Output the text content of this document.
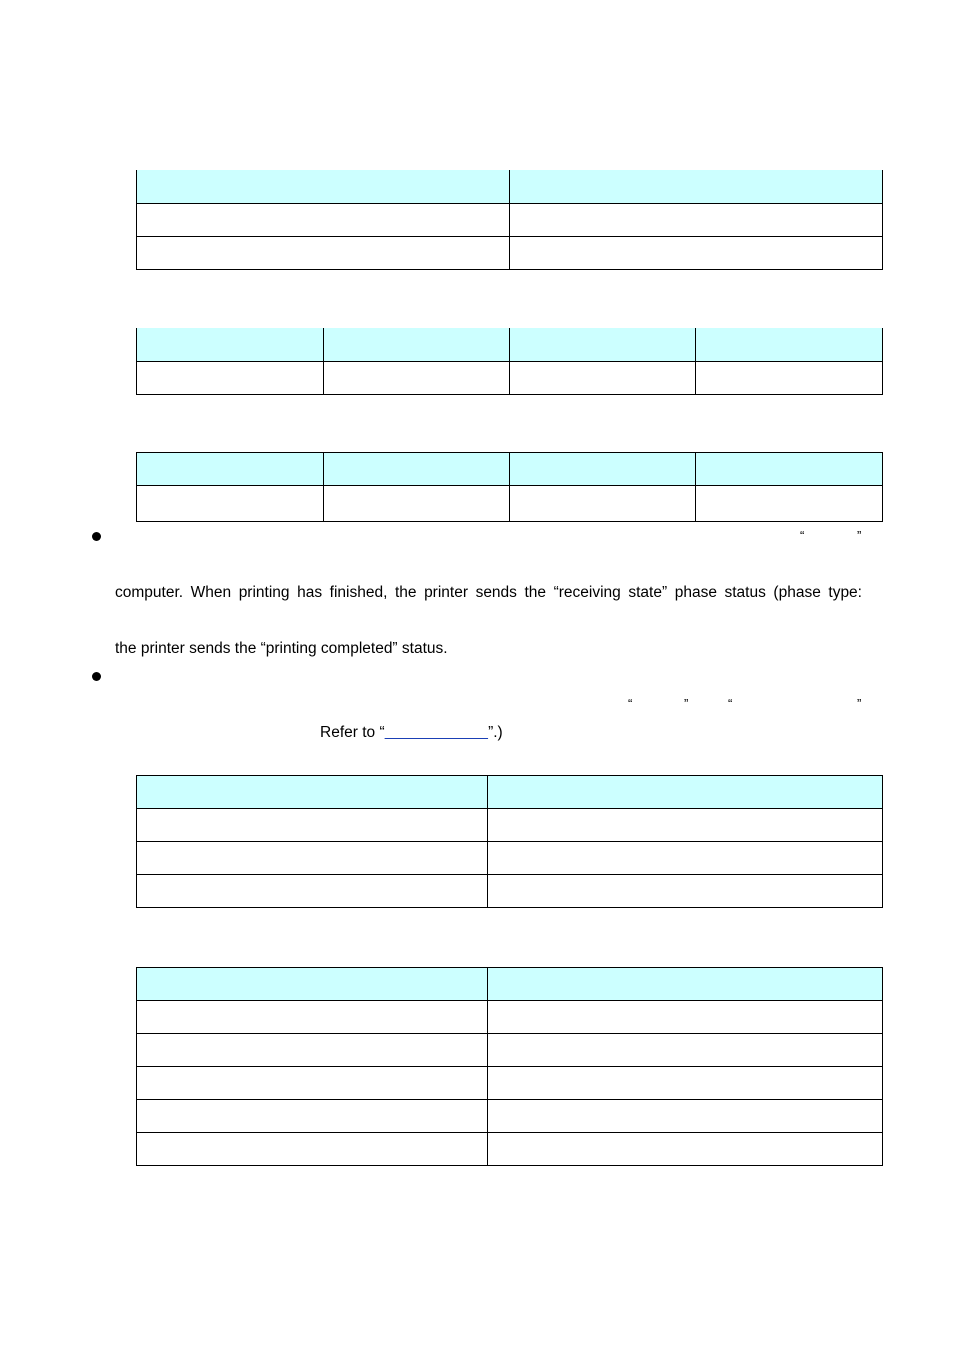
“	”
computer. When printing has finished, the printer sends the “receiving state” phase status (phase type:
the printer sends the “printing completed” status.
“	”	“	”
Refer to “	”.)
